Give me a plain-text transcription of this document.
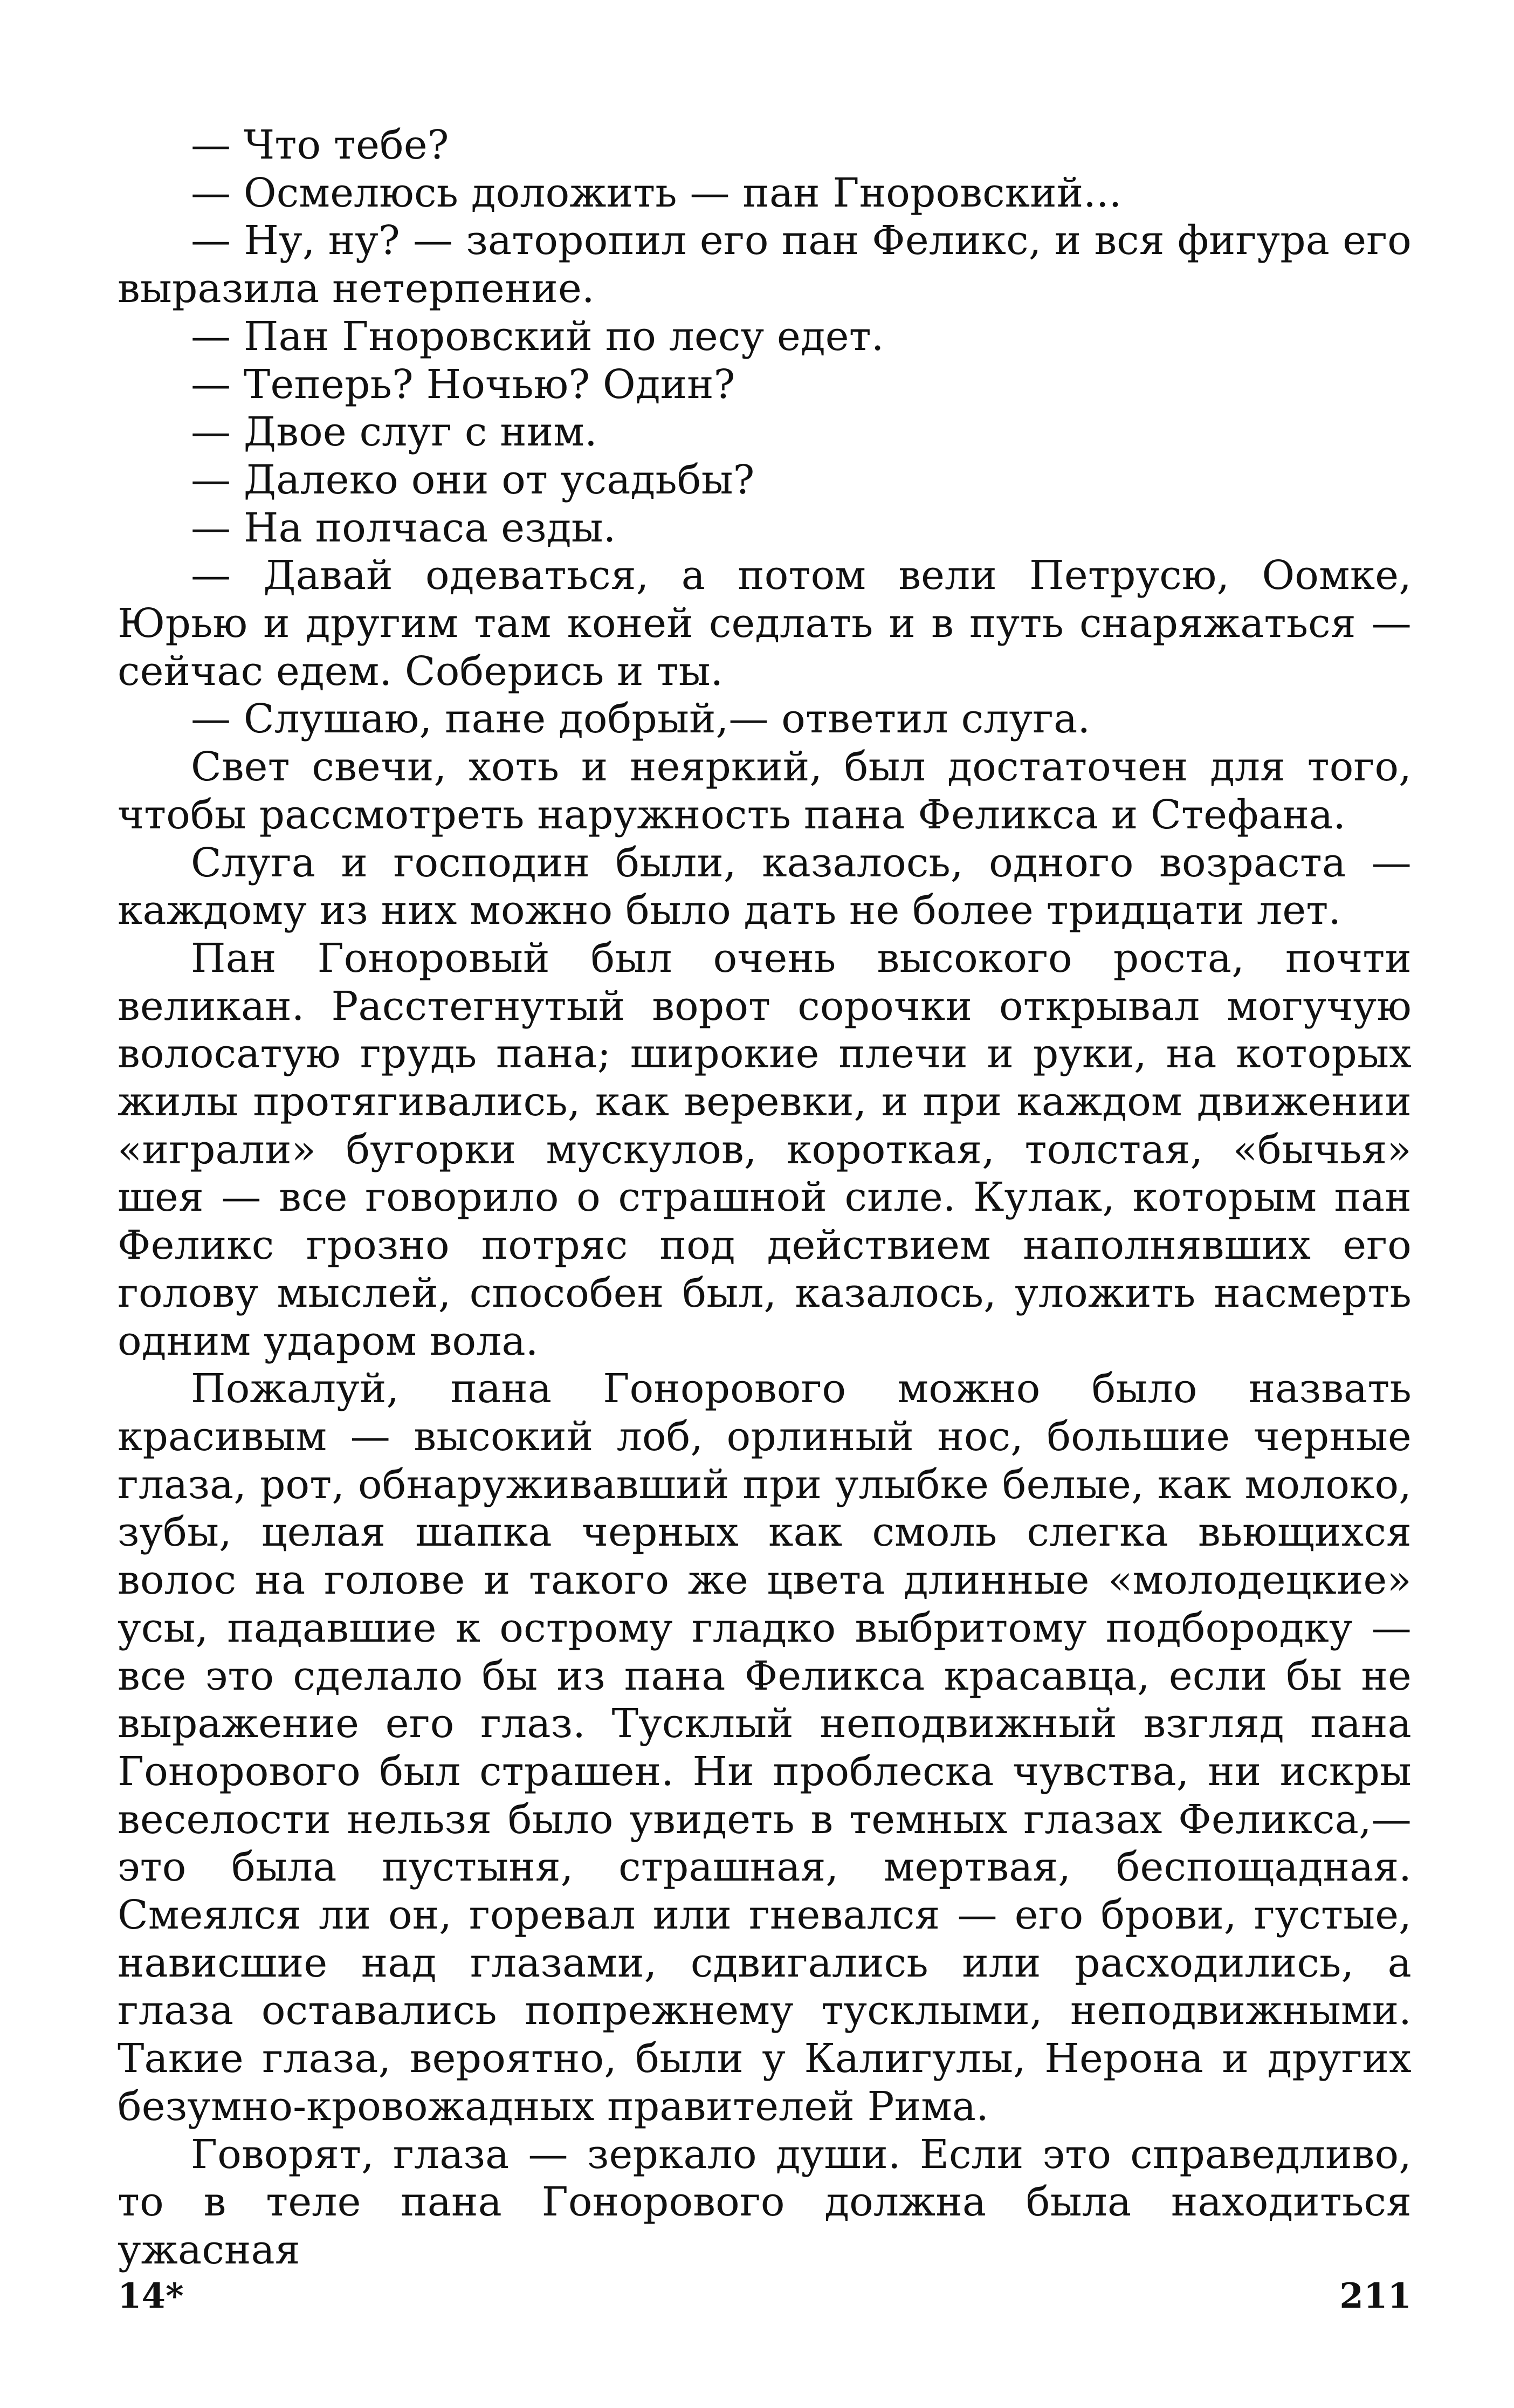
— Что тебе?

— Осмелюсь доложить — пан Гноровский...

— Ну, ну? — заторопил его пан Феликс, и вся фигура его выразила нетерпение.

— Пан Гноровский по лесу едет.

— Теперь? Ночью? Один?

— Двое слуг с ним.

— Далеко они от усадьбы?

— На полчаса езды.

— Давай одеваться, а потом вели Петрусю, Оомке, Юрью и другим там коней седлать и в путь снаряжаться — сейчас едем. Соберись и ты.

— Слушаю, пане добрый,— ответил слуга.

Свет свечи, хоть и неяркий, был достаточен для того, чтобы рассмотреть наружность пана Феликса и Стефана.

Слуга и господин были, казалось, одного возраста — каждому из них можно было дать не более тридцати лет.

Пан Гоноровый был очень высокого роста, почти великан. Расстегнутый ворот сорочки открывал могучую волосатую грудь пана; широкие плечи и руки, на которых жилы протягивались, как веревки, и при каждом движении «играли» бугорки мускулов, короткая, толстая, «бычья» шея — все говорило о страшной силе. Кулак, которым пан Феликс грозно потряс под действием наполнявших его голову мыслей, способен был, казалось, уложить насмерть одним ударом вола.

Пожалуй, пана Гонорового можно было назвать красивым — высокий лоб, орлиный нос, большие черные глаза, рот, обнаруживавший при улыбке белые, как молоко, зубы, целая шапка черных как смоль слегка вьющихся волос на голове и такого же цвета длинные «молодецкие» усы, падавшие к острому гладко выбритому подбородку — все это сделало бы из пана Феликса красавца, если бы не выражение его глаз. Тусклый неподвижный взгляд пана Гонорового был страшен. Ни проблеска чувства, ни искры веселости нельзя было увидеть в темных глазах Феликса,— это была пустыня, страшная, мертвая, беспощадная. Смеялся ли он, горевал или гневался — его брови, густые, нависшие над глазами, сдвигались или расходились, а глаза оставались попрежнему тусклыми, неподвижными. Такие глаза, вероятно, были у Калигулы, Нерона и других безумно-кровожадных правителей Рима.

Говорят, глаза — зеркало души. Если это справедливо, то в теле пана Гонорового должна была находиться ужасная

14*	211
